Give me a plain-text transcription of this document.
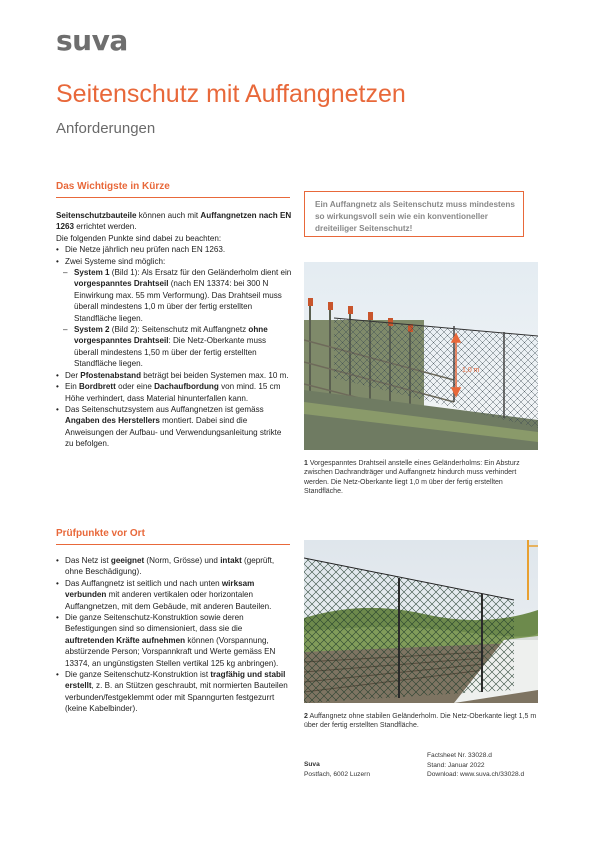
suva
Seitenschutz mit Auffangnetzen
Anforderungen
Das Wichtigste in Kürze

Seitenschutzbauteile können auch mit Auffangnetzen nach EN 1263 errichtet werden.

Die folgenden Punkte sind dabei zu beachten:

• Die Netze jährlich neu prüfen nach EN 1263.
• Zwei Systeme sind möglich:
– System 1 (Bild 1): Als Ersatz für den Geländerholm dient ein vorgespanntes Drahtseil (nach EN 13374: bei 300 N Einwirkung max. 55 mm Verformung). Das Drahtseil muss überall mindestens 1,0 m über der fertig erstellten Standfläche liegen.
– System 2 (Bild 2): Seitenschutz mit Auffangnetz ohne vorgespanntes Drahtseil: Die Netz-Oberkante muss überall mindestens 1,50 m über der fertig erstellten Standfläche liegen.
• Der Pfostenabstand beträgt bei beiden Systemen max. 10 m.
• Ein Bordbrett oder eine Dachaufbordung von mind. 15 cm Höhe verhindert, dass Material hinunterfallen kann.
• Das Seitenschutzsystem aus Auffangnetzen ist gemäss Angaben des Herstellers montiert. Dabei sind die Anweisungen der Aufbau- und Verwendungsanleitung strikte zu befolgen.
Prüfpunkte vor Ort
• Das Netz ist geeignet (Norm, Grösse) und intakt (geprüft, ohne Beschädigung).
• Das Auffangnetz ist seitlich und nach unten wirksam verbunden mit anderen vertikalen oder horizontalen Auffangnetzen, mit dem Gebäude, mit anderen Bauteilen.
• Die ganze Seitenschutz-Konstruktion sowie deren Befestigungen sind so dimensioniert, dass sie die auftretenden Kräfte aufnehmen können (Vorspannung, abstürzende Person; Vorspannkraft und Werte gemäss EN 13374, an ungünstigsten Stellen vertikal 125 kg anbringen).
• Die ganze Seitenschutz-Konstruktion ist tragfähig und stabil erstellt, z. B. an Stützen geschraubt, mit normierten Bauteilen verbunden/festgeklemmt oder mit Spanngurten festgezurrt (keine Kabelbinder).
Ein Auffangnetz als Seitenschutz muss mindestens so wirkungsvoll sein wie ein konventioneller dreiteiliger Seitenschutz!
1,0 m
1 Vorgespanntes Drahtseil anstelle eines Geländerholms: Ein Absturz zwischen Dachrandträger und Auffangnetz hindurch muss verhindert werden. Die Netz-Oberkante liegt 1,0 m über der fertig erstellten Standfläche.
2 Auffangnetz ohne stabilen Geländerholm. Die Netz-Oberkante liegt 1,5 m über der fertig erstellten Standfläche.
Suva
Postfach, 6002 Luzern
Factsheet Nr. 33028.d
Stand: Januar 2022
Download: www.suva.ch/33028.d
